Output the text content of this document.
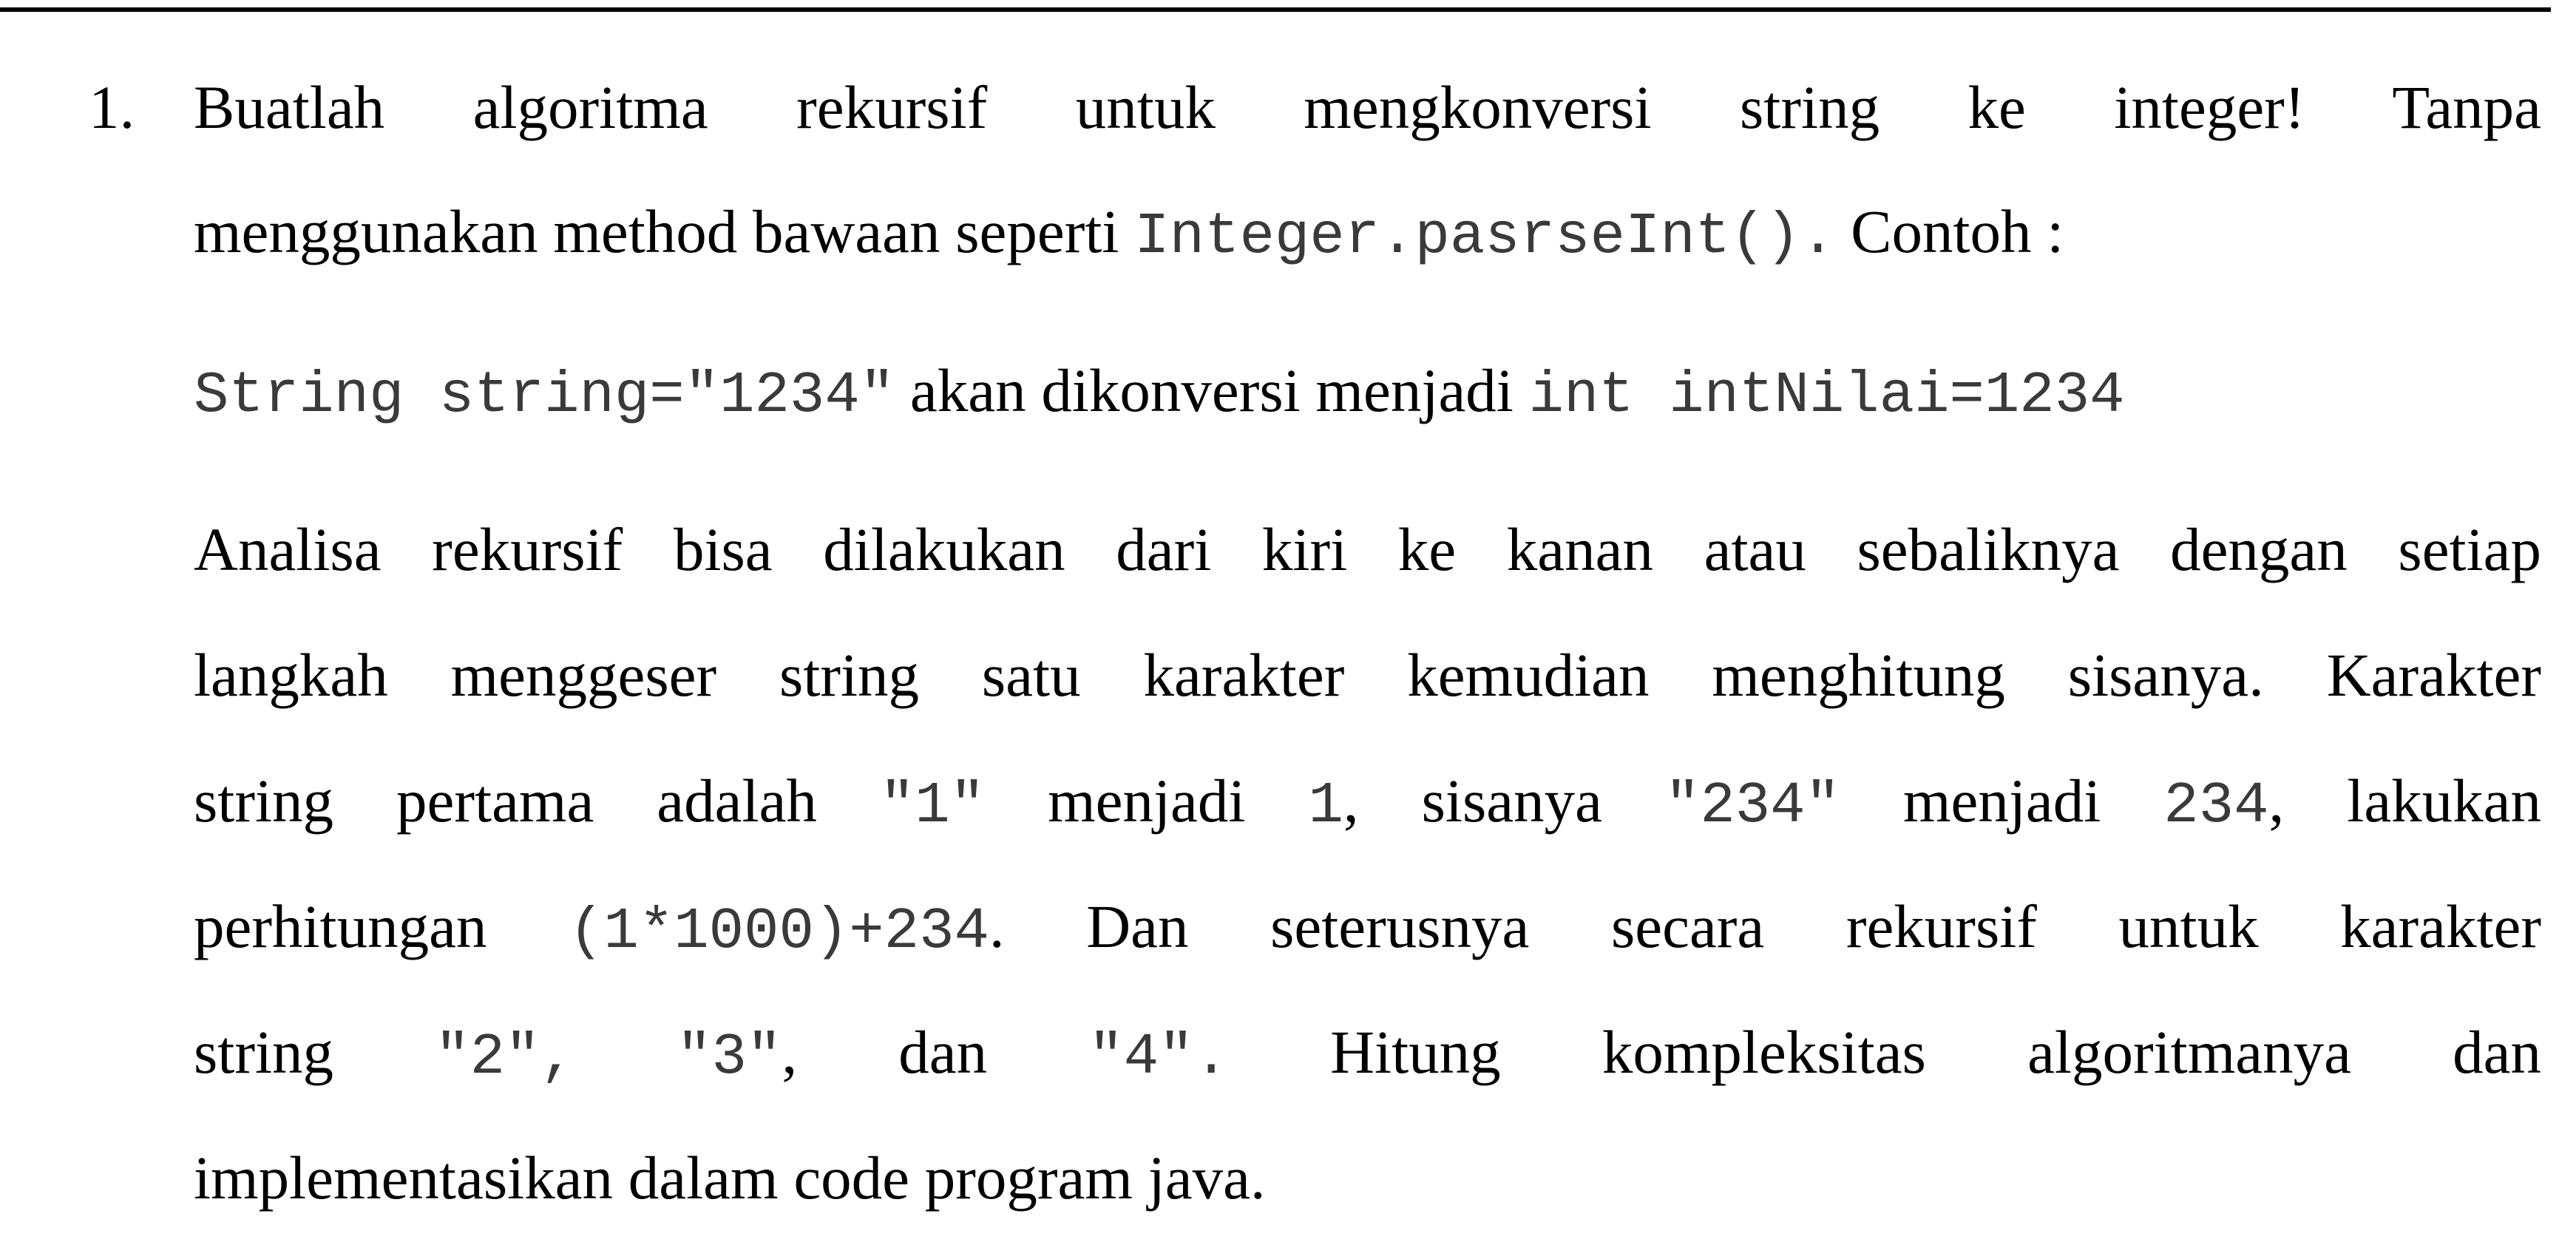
1. Buatlah algoritma rekursif untuk mengkonversi string ke integer! Tanpa
menggunakan method bawaan seperti Integer.pasrseInt(). Contoh :
String string=″1234″ akan dikonversi menjadi int intNilai=1234
Analisa rekursif bisa dilakukan dari kiri ke kanan atau sebaliknya dengan setiap
langkah menggeser string satu karakter kemudian menghitung sisanya. Karakter
string pertama adalah ″1″ menjadi 1, sisanya ″234″ menjadi 234, lakukan
perhitungan (1*1000)+234. Dan seterusnya secara rekursif untuk karakter
string ″2″, ″3″, dan ″4″. Hitung kompleksitas algoritmanya dan
implementasikan dalam code program java.
